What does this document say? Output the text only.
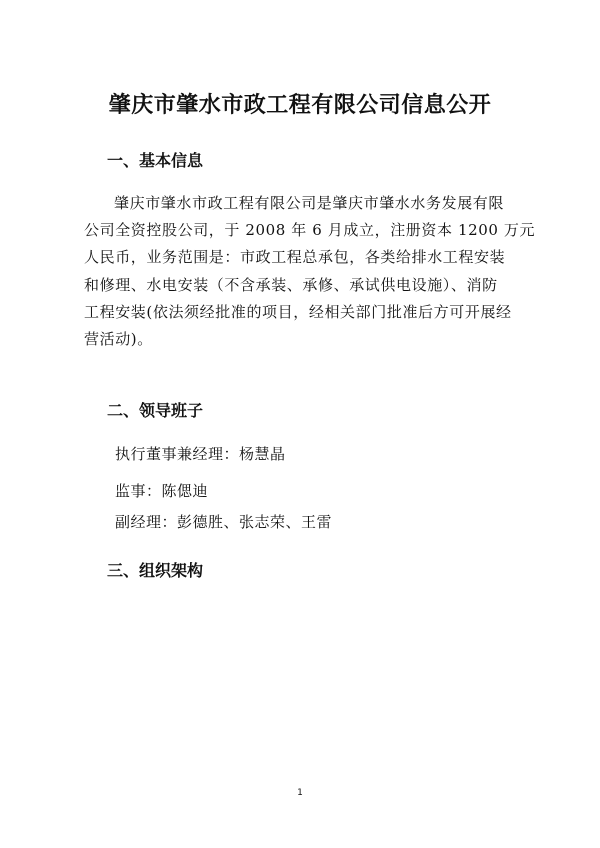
肇庆市肇水市政工程有限公司信息公开
一、基本信息

肇庆市肇水市政工程有限公司是肇庆市肇水水务发展有限
公司全资控股公司，于 2008 年 6 月成立，注册资本 1200 万元
人民币，业务范围是：市政工程总承包，各类给排水工程安装
和修理、水电安装（不含承装、承修、承试供电设施）、消防
工程安装(依法须经批准的项目，经相关部门批准后方可开展经
营活动)。

二、领导班子
执行董事兼经理：杨慧晶
监事：陈偲迪
副经理：彭德胜、张志荣、王雷
三、组织架构
1
